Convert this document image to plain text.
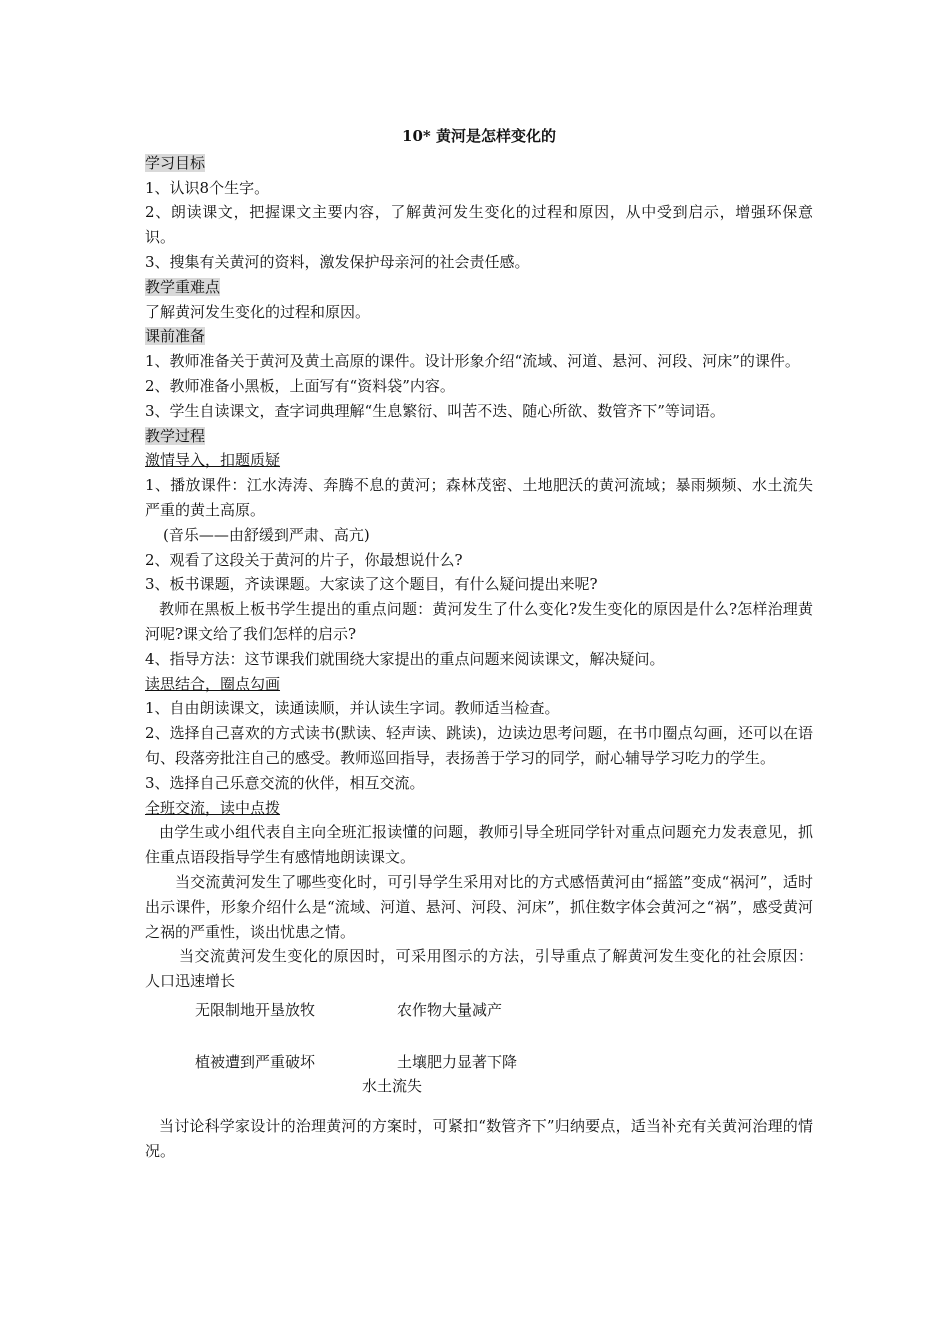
10* 黄河是怎样变化的

学习目标

1、认识8个生字。

2、朗读课文，把握课文主要内容，了解黄河发生变化的过程和原因，从中受到启示，增强环保意识。

3、搜集有关黄河的资料，激发保护母亲河的社会责任感。

教学重难点

了解黄河发生变化的过程和原因。

课前准备

1、教师准备关于黄河及黄土高原的课件。设计形象介绍“流域、河道、悬河、河段、河床”的课件。

2、教师准备小黑板，上面写有“资料袋”内容。

3、学生自读课文，查字词典理解“生息繁衍、叫苦不迭、随心所欲、数管齐下”等词语。

教学过程

激情导入，扣题质疑

1、播放课件：江水涛涛、奔腾不息的黄河；森林茂密、土地肥沃的黄河流域；暴雨频频、水土流失严重的黄土高原。

(音乐——由舒缓到严肃、高亢)

2、观看了这段关于黄河的片子，你最想说什么?

3、板书课题，齐读课题。大家读了这个题目，有什么疑问提出来呢?

教师在黑板上板书学生提出的重点问题：黄河发生了什么变化?发生变化的原因是什么?怎样治理黄河呢?课文给了我们怎样的启示?

4、指导方法：这节课我们就围绕大家提出的重点问题来阅读课文，解决疑问。

读思结合，圈点勾画

1、自由朗读课文，读通读顺，并认读生字词。教师适当检查。

2、选择自己喜欢的方式读书(默读、轻声读、跳读)，边读边思考问题，在书巾圈点勾画，还可以在语句、段落旁批注自己的感受。教师巡回指导，表扬善于学习的同学，耐心辅导学习吃力的学生。

3、选择自己乐意交流的伙伴，相互交流。

全班交流，读中点拨

由学生或小组代表自主向全班汇报读懂的问题，教师引导全班同学针对重点问题充力发表意见，抓住重点语段指导学生有感情地朗读课文。

当交流黄河发生了哪些变化时，可引导学生采用对比的方式感悟黄河由“摇篮”变成“祸河”，适时出示课件，形象介绍什么是“流域、河道、悬河、河段、河床”，抓住数字体会黄河之“祸”，感受黄河之祸的严重性，谈出忧患之情。

当交流黄河发生变化的原因时，可采用图示的方法，引导重点了解黄河发生变化的社会原因： 人口迅速增长

无限制地开垦放牧	农作物大量减产
植被遭到严重破坏	土壤肥力显著下降
水土流失

当讨论科学家设计的治理黄河的方案时，可紧扣“数管齐下”归纳要点，适当补充有关黄河治理的情况。
